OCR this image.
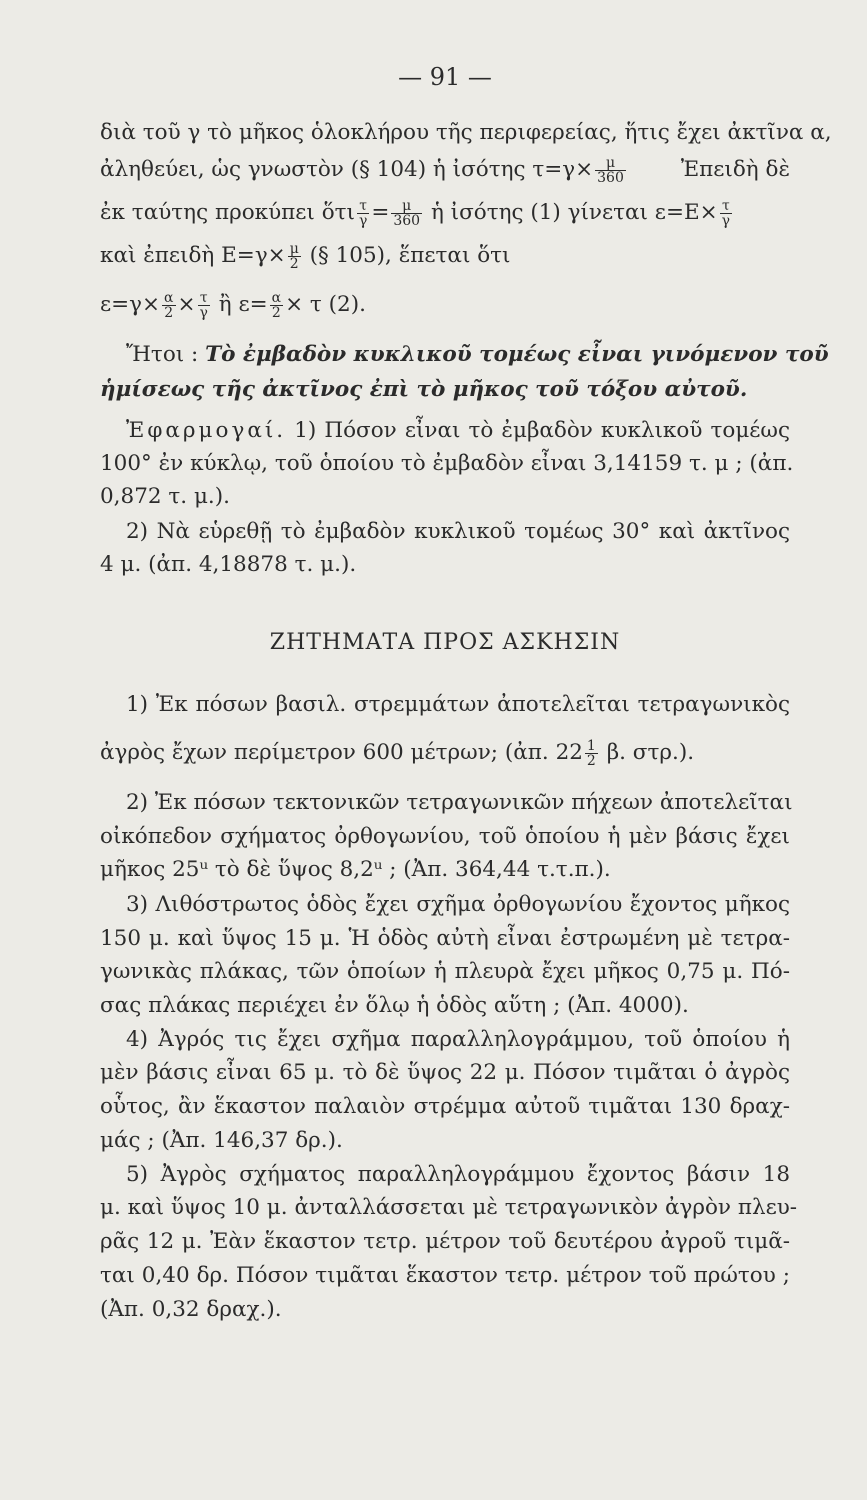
— 91 —
διὰ τοῦ γ τὸ μῆκος ὁλοκλήρου τῆς περιφερείας, ἥτις ἔχει ἀκτῖνα α,
ἀληθεύει, ὡς γνωστὸν (§ 104) ἡ ἰσότης $\tau=\gamma\times \frac{\mu}{360}$	Ἐπειδὴ δὲ
ἐκ ταύτης προκύπει ὅτι $\frac{\tau}{\gamma} = \frac{\mu}{360}$ ἡ ἰσότης (1) γίνεται $\varepsilon=E\times \frac{\tau}{\gamma}$
καὶ ἐπειδὴ $E=\gamma\times \frac{\mu}{2}$ (§ 105), ἕπεται ὅτι
$\varepsilon=\gamma\times \frac{\alpha}{2} \times \frac{\tau}{\gamma}$ ἢ $\varepsilon= \frac{\alpha}{2} \times \tau$ (2).
Ἤτοι : Τὸ ἐμβαδὸν κυκλικοῦ τομέως εἶναι γινόμενον τοῦ
ἡμίσεως τῆς ἀκτῖνος ἐπὶ τὸ μῆκος τοῦ τόξου αὐτοῦ.
Ἐφαρμογαί. 1) Πόσον εἶναι τὸ ἐμβαδὸν κυκλικοῦ τομέως
100° ἐν κύκλῳ, τοῦ ὁποίου τὸ ἐμβαδὸν εἶναι 3,14159 τ. μ ; (ἀπ.
0,872 τ. μ.).
2) Νὰ εὑρεθῇ τὸ ἐμβαδὸν κυκλικοῦ τομέως 30° καὶ ἀκτῖνος
4 μ. (ἀπ. 4,18878 τ. μ.).
ΖΗΤΗΜΑΤΑ ΠΡΟΣ ΑΣΚΗΣΙΝ
1) Ἐκ πόσων βασιλ. στρεμμάτων ἀποτελεῖται τετραγωνικὸς
ἀγρὸς ἔχων περίμετρον 600 μέτρων; (ἀπ. $22 \frac{1}{2} \beta$. στρ.).
2) Ἐκ πόσων τεκτονικῶν τετραγωνικῶν πήχεων ἀποτελεῖται
οἰκόπεδον σχήματος ὀρθογωνίου, τοῦ ὁποίου ἡ μὲν βάσις ἔχει
μῆκος 25ᵘ τὸ δὲ ὕψος 8,2ᵘ ; (Ἀπ. 364,44 τ.τ.π.).
3) Λιθόστρωτος ὁδὸς ἔχει σχῆμα ὀρθογωνίου ἔχοντος μῆκος
150 μ. καὶ ὕψος 15 μ. Ἡ ὁδὸς αὐτὴ εἶναι ἐστρωμένη μὲ τετρα-
γωνικὰς πλάκας, τῶν ὁποίων ἡ πλευρὰ ἔχει μῆκος 0,75 μ. Πό-
σας πλάκας περιέχει ἐν ὅλῳ ἡ ὁδὸς αὕτη ; (Ἀπ. 4000).
4) Ἀγρός τις ἔχει σχῆμα παραλληλογράμμου, τοῦ ὁποίου ἡ
μὲν βάσις εἶναι 65 μ. τὸ δὲ ὕψος 22 μ. Πόσον τιμᾶται ὁ ἀγρὸς
οὗτος, ἂν ἕκαστον παλαιὸν στρέμμα αὐτοῦ τιμᾶται 130 δραχ-
μάς ; (Ἀπ. 146,37 δρ.).
5) Ἀγρὸς σχήματος παραλληλογράμμου ἔχοντος βάσιν 18
μ. καὶ ὕψος 10 μ. ἀνταλλάσσεται μὲ τετραγωνικὸν ἀγρὸν πλευ-
ρᾶς 12 μ. Ἐὰν ἕκαστον τετρ. μέτρον τοῦ δευτέρου ἀγροῦ τιμᾶ-
ται 0,40 δρ. Πόσον τιμᾶται ἕκαστον τετρ. μέτρον τοῦ πρώτου ;
(Ἀπ. 0,32 δραχ.).
